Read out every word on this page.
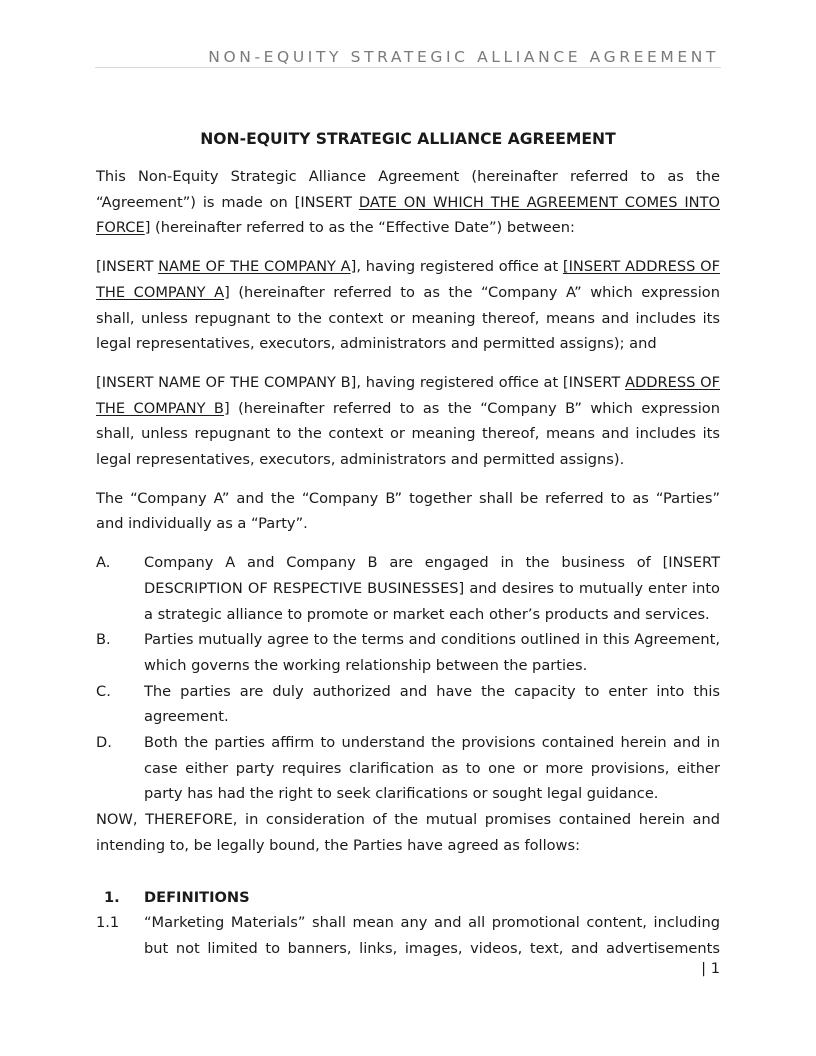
NON-EQUITY STRATEGIC ALLIANCE AGREEMENT
NON-EQUITY STRATEGIC ALLIANCE AGREEMENT

This Non-Equity Strategic Alliance Agreement (hereinafter referred to as the “Agreement”) is made on [INSERT DATE ON WHICH THE AGREEMENT COMES INTO FORCE] (hereinafter referred to as the “Effective Date”) between:

[INSERT NAME OF THE COMPANY A], having registered office at [INSERT ADDRESS OF THE COMPANY A] (hereinafter referred to as the “Company A” which expression shall, unless repugnant to the context or meaning thereof, means and includes its legal representatives, executors, administrators and permitted assigns); and

[INSERT NAME OF THE COMPANY B], having registered office at [INSERT ADDRESS OF THE COMPANY B] (hereinafter referred to as the “Company B” which expression shall, unless repugnant to the context or meaning thereof, means and includes its legal representatives, executors, administrators and permitted assigns).

The “Company A” and the “Company B” together shall be referred to as “Parties” and individually as a “Party”.

A.	Company A and Company B are engaged in the business of [INSERT DESCRIPTION OF RESPECTIVE BUSINESSES] and desires to mutually enter into a strategic alliance to promote or market each other’s products and services.
B.	Parties mutually agree to the terms and conditions outlined in this Agreement, which governs the working relationship between the parties.
C.	The parties are duly authorized and have the capacity to enter into this agreement.
D.	Both the parties affirm to understand the provisions contained herein and in case either party requires clarification as to one or more provisions, either party has had the right to seek clarifications or sought legal guidance.

NOW, THEREFORE, in consideration of the mutual promises contained herein and intending to, be legally bound, the Parties have agreed as follows:

1.	DEFINITIONS
1.1	“Marketing Materials” shall mean any and all promotional content, including but not limited to banners, links, images, videos, text, and advertisements
| 1
